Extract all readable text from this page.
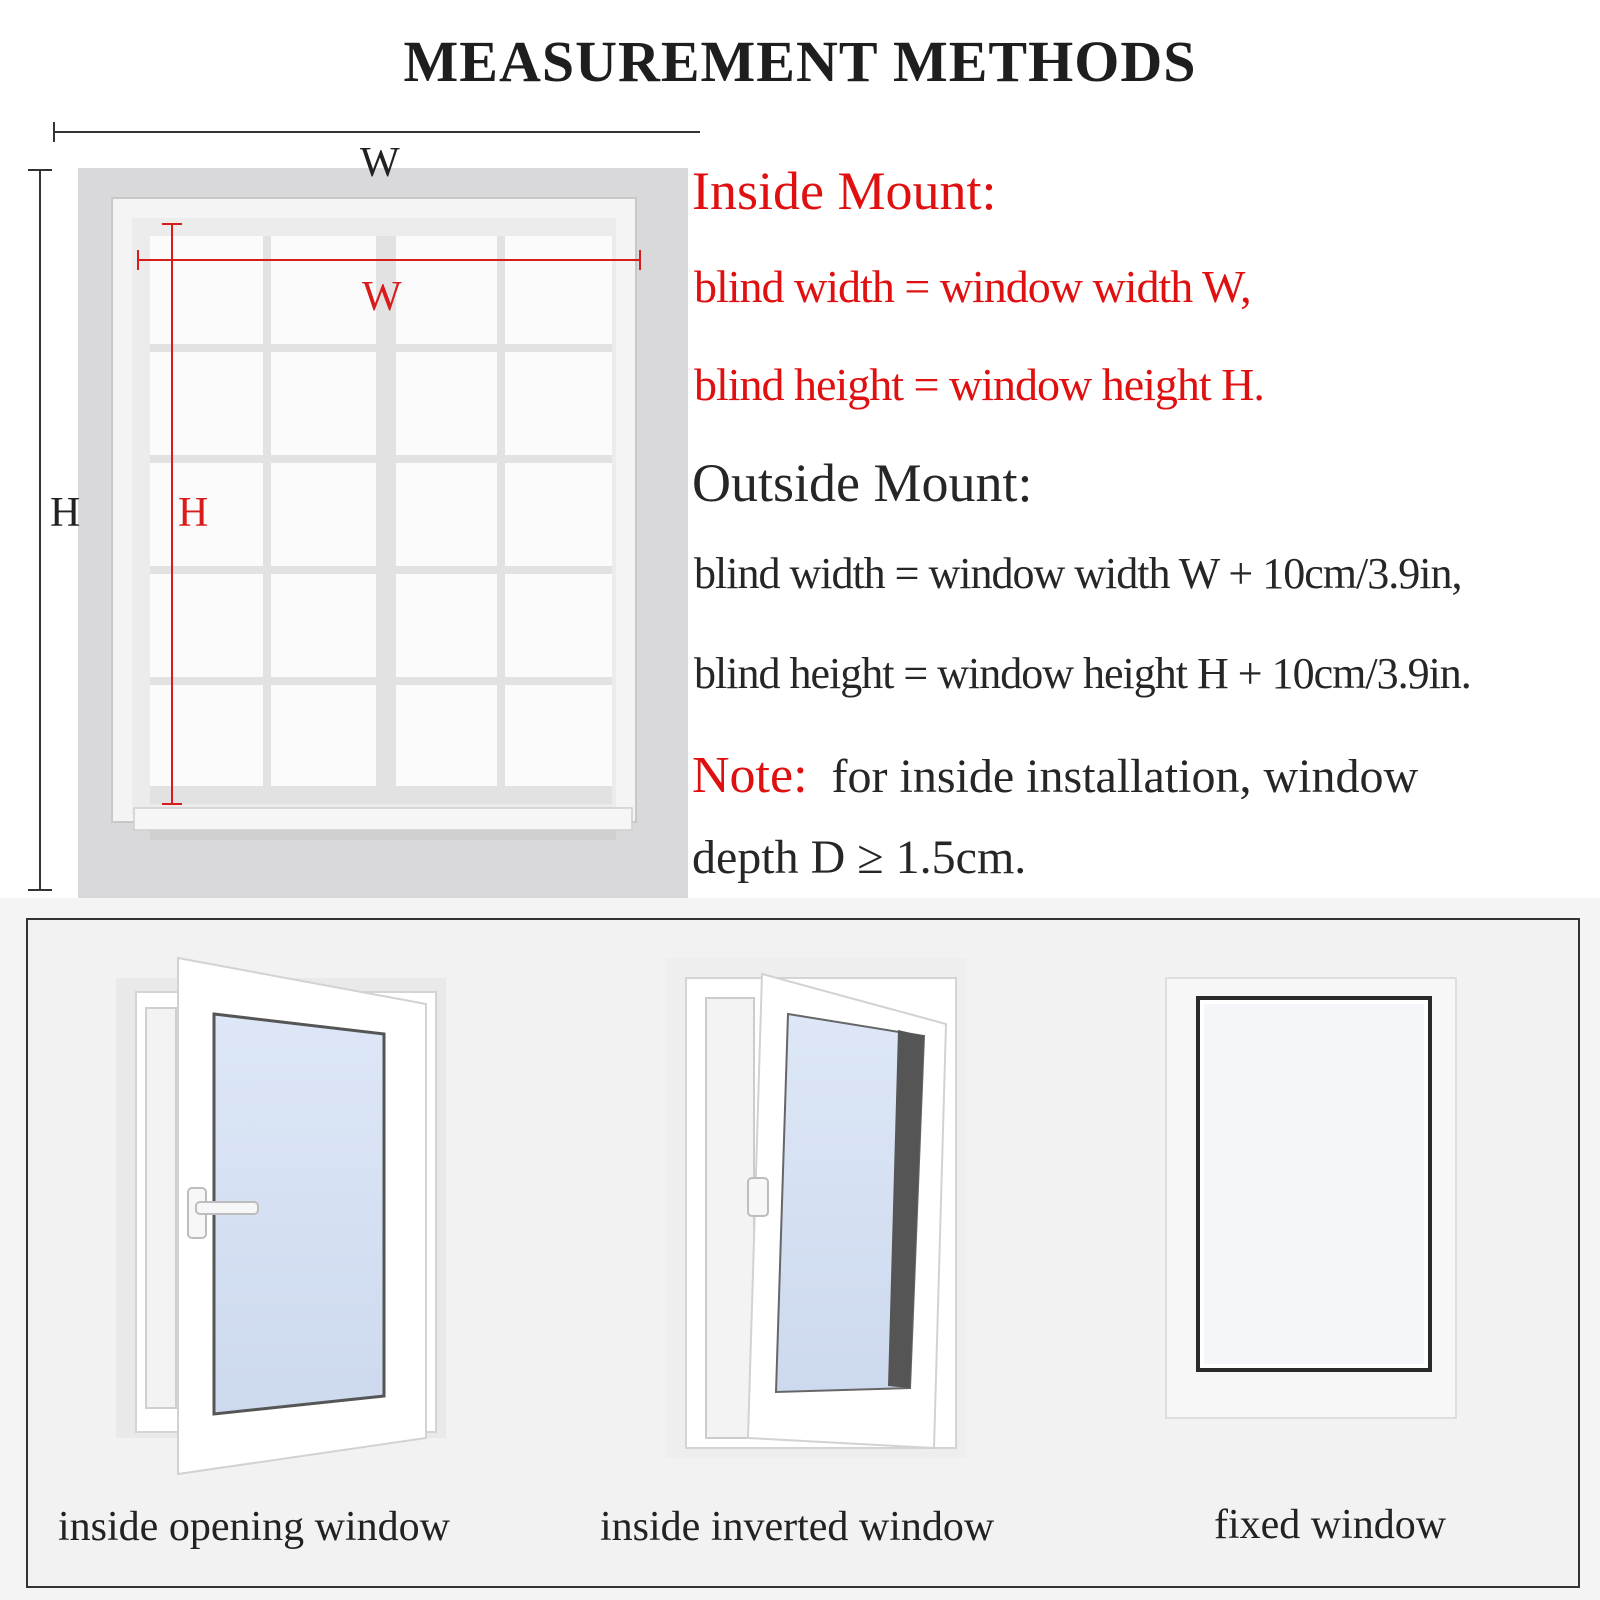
MEASUREMENT METHODS
W
H
W
H
Inside Mount:
blind width = window width W,
blind height = window height H.
Outside Mount:
blind width = window width W + 10cm/3.9in,
blind height = window height H + 10cm/3.9in.
Note: for inside installation, window
depth D ≥ 1.5cm.
inside opening window	inside inverted window	fixed window
